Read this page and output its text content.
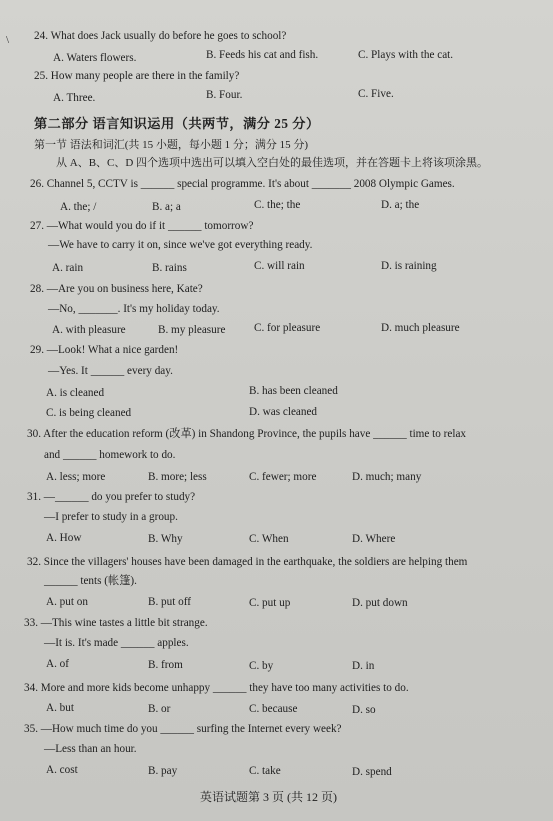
\ 24. What does Jack usually do before he goes to school?
A. Waters flowers.	B. Feeds his cat and fish.	C. Plays with the cat.
25. How many people are there in the family?
A. Three.	B. Four.	C. Five.
第二部分 语言知识运用（共两节，满分 25 分）
第一节 语法和词汇(共 15 小题，每小题 1 分；满分 15 分)
从 A、B、C、D 四个选项中选出可以填入空白处的最佳选项，并在答题卡上将该项涂黑。
26. Channel 5, CCTV is ______ special programme. It's about _______ 2008 Olympic Games.
A. the; /	B. a; a	C. the; the	D. a; the
27. —What would you do if it ______ tomorrow?
—We have to carry it on, since we've got everything ready.
A. rain	B. rains	C. will rain	D. is raining
28. —Are you on business here, Kate?
—No, _______. It's my holiday today.
A. with pleasure	B. my pleasure	C. for pleasure	D. much pleasure
29. —Look! What a nice garden!
—Yes. It ______ every day.
A. is cleaned	B. has been cleaned
C. is being cleaned	D. was cleaned
30. After the education reform (改革) in Shandong Province, the pupils have ______ time to relax
and ______ homework to do.
A. less; more	B. more; less	C. fewer; more	D. much; many
31. —______ do you prefer to study?
—I prefer to study in a group.
A. How	B. Why	C. When	D. Where
32. Since the villagers' houses have been damaged in the earthquake, the soldiers are helping them
______ tents (帐篷).
A. put on	B. put off	C. put up	D. put down
33. —This wine tastes a little bit strange.
—It is. It's made ______ apples.
A. of	B. from	C. by	D. in
34. More and more kids become unhappy ______ they have too many activities to do.
A. but	B. or	C. because	D. so
35. —How much time do you ______ surfing the Internet every week?
—Less than an hour.
A. cost	B. pay	C. take	D. spend
英语试题第 3 页 (共 12 页)
